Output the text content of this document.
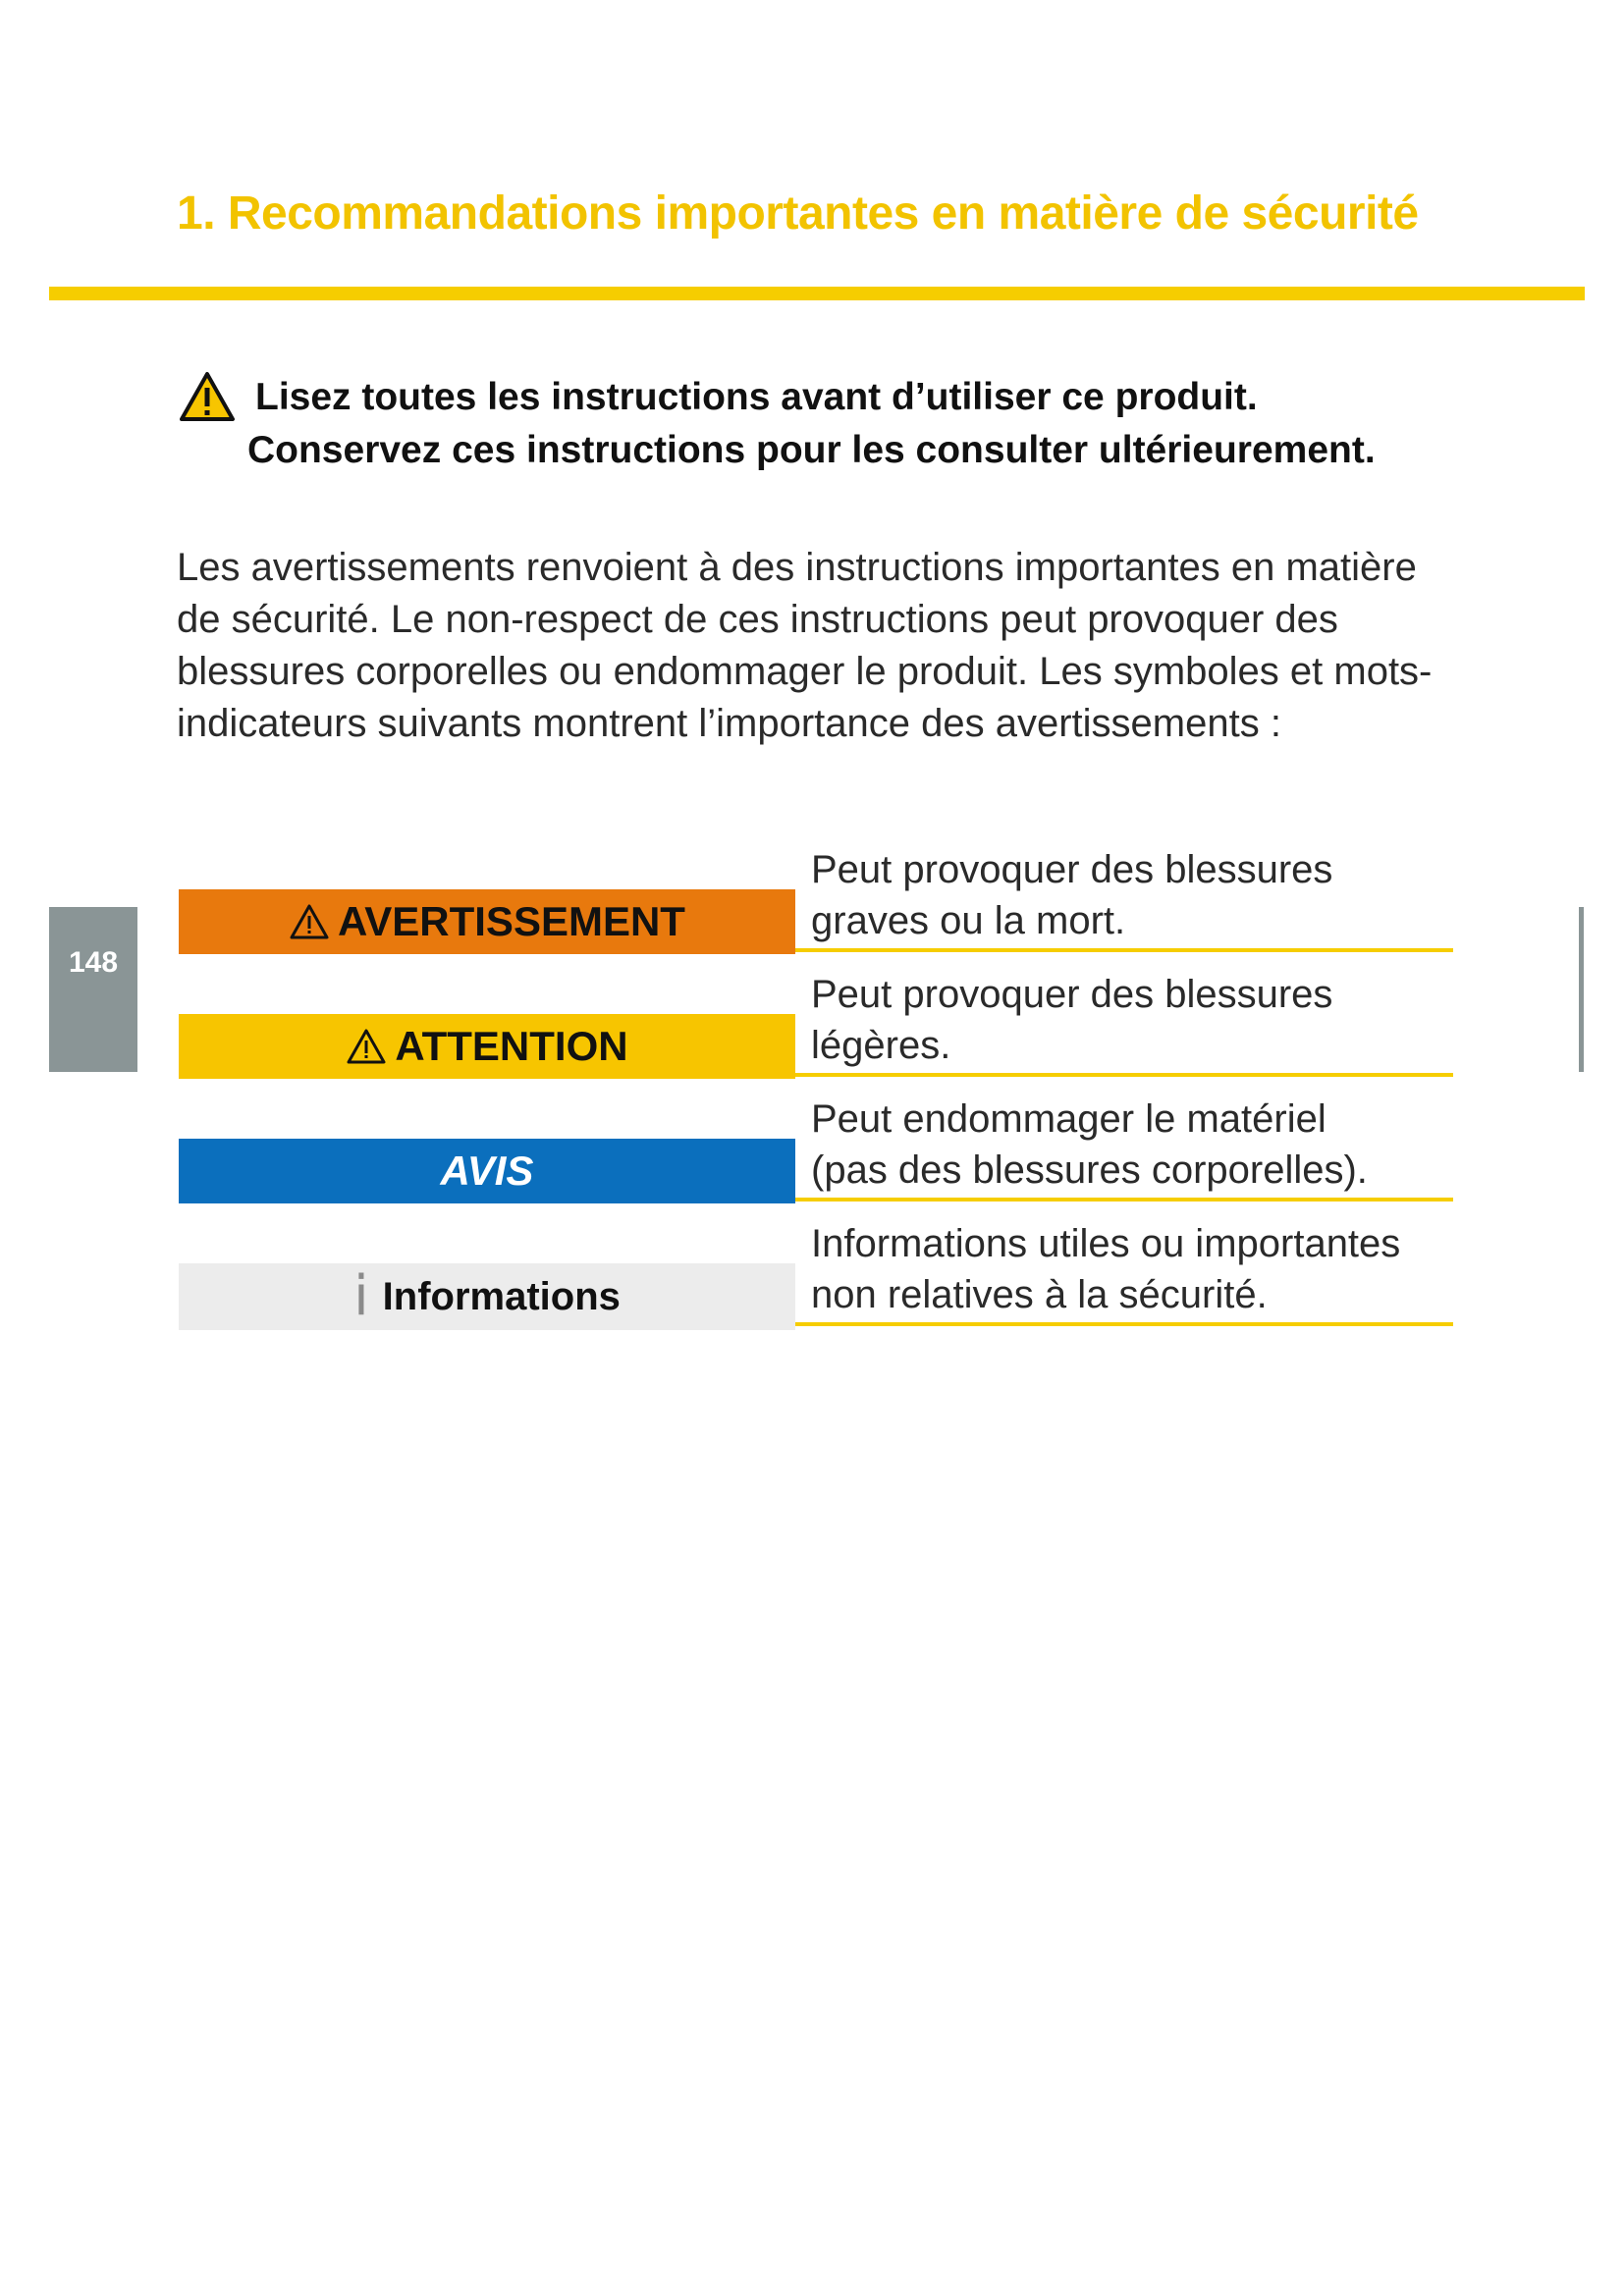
1. Recommandations importantes en matière de sécurité
Lisez toutes les instructions avant d’utiliser ce produit.
Conservez ces instructions pour les consulter ultérieurement.

Les avertissements renvoient à des instructions importantes en matière de sécurité. Le non-respect de ces instructions peut provoquer des blessures corporelles ou endommager le produit. Les symboles et mots-indicateurs suivants montrent l’importance des avertissements :

AVERTISSEMENT
Peut provoquer des blessures
graves ou la mort.
ATTENTION
Peut provoquer des blessures
légères.
AVIS
Peut endommager le matériel
(pas des blessures corporelles).
i Informations
Informations utiles ou importantes
non relatives à la sécurité.
148
